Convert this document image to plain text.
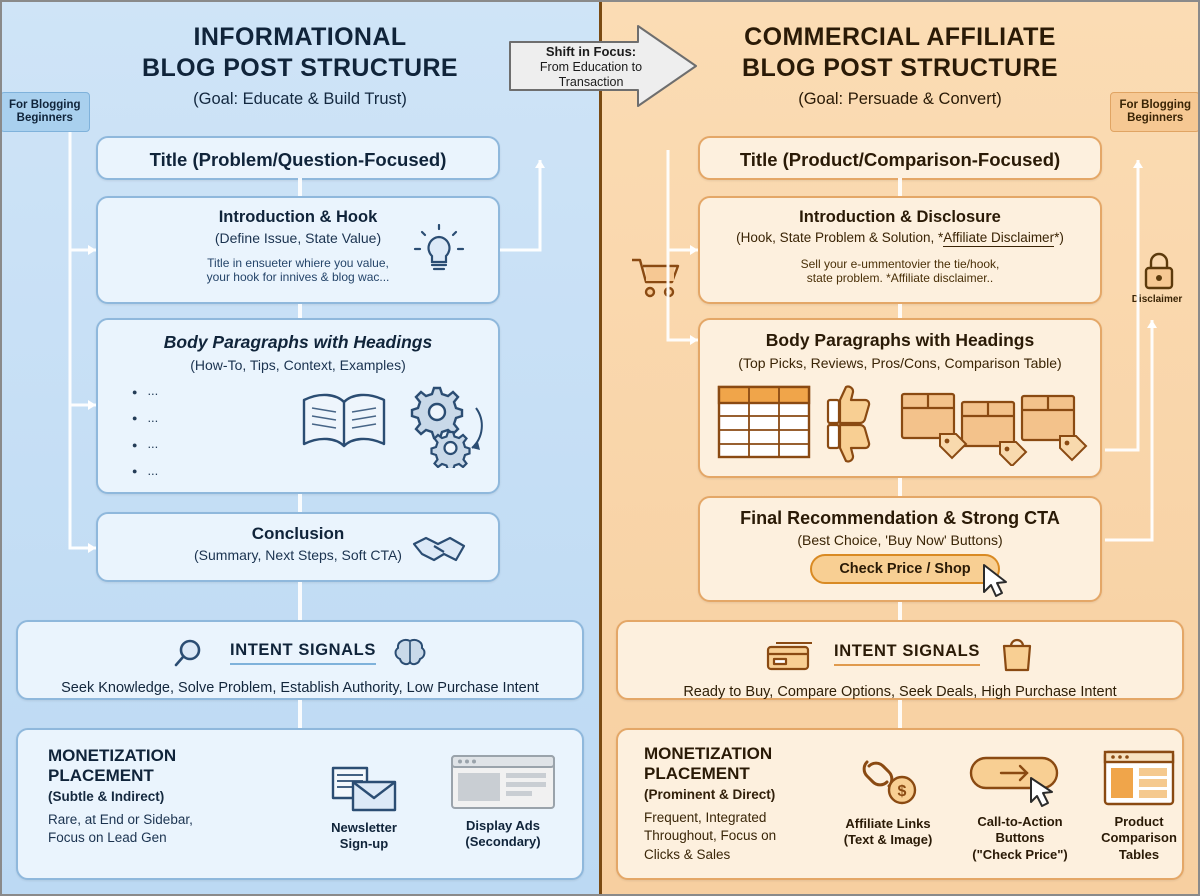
INFORMATIONAL
BLOG POST STRUCTURE
(Goal: Educate & Build Trust)
For Blogging
Beginners
Title (Problem/Question-Focused)
Introduction & Hook
(Define Issue, State Value)
Title in ensueter whiere you value,
your hook for innives & blog wac...
Body Paragraphs with Headings
(How-To, Tips, Context, Examples)
● ...
● ...
● ...
● ...
Conclusion
(Summary, Next Steps, Soft CTA)
INTENT SIGNALS
Seek Knowledge, Solve Problem, Establish Authority, Low Purchase Intent
MONETIZATION
PLACEMENT
(Subtle & Indirect)
Rare, at End or Sidebar,
Focus on Lead Gen
Newsletter
Sign-up
Display Ads
(Secondary)
COMMERCIAL AFFILIATE
BLOG POST STRUCTURE
(Goal: Persuade & Convert)	For Blogging
Beginners
Title (Product/Comparison-Focused)
Introduction & Disclosure
(Hook, State Problem & Solution, *Affiliate Disclaimer*)
Sell your e-ummentovier the tie/hook,
state problem. *Affiliate disclaimer..
Disclaimer
Body Paragraphs with Headings
(Top Picks, Reviews, Pros/Cons, Comparison Table)
Final Recommendation & Strong CTA
(Best Choice, 'Buy Now' Buttons)
Check Price / Shop
INTENT SIGNALS
Ready to Buy, Compare Options, Seek Deals, High Purchase Intent
MONETIZATION
PLACEMENT
(Prominent & Direct)
Frequent, Integrated
Throughout, Focus on
Clicks & Sales
$
Affiliate Links
(Text & Image)
Call-to-Action
Buttons
("Check Price")
Product
Comparison
Tables
Shift in Focus:
From Education to
Transaction
